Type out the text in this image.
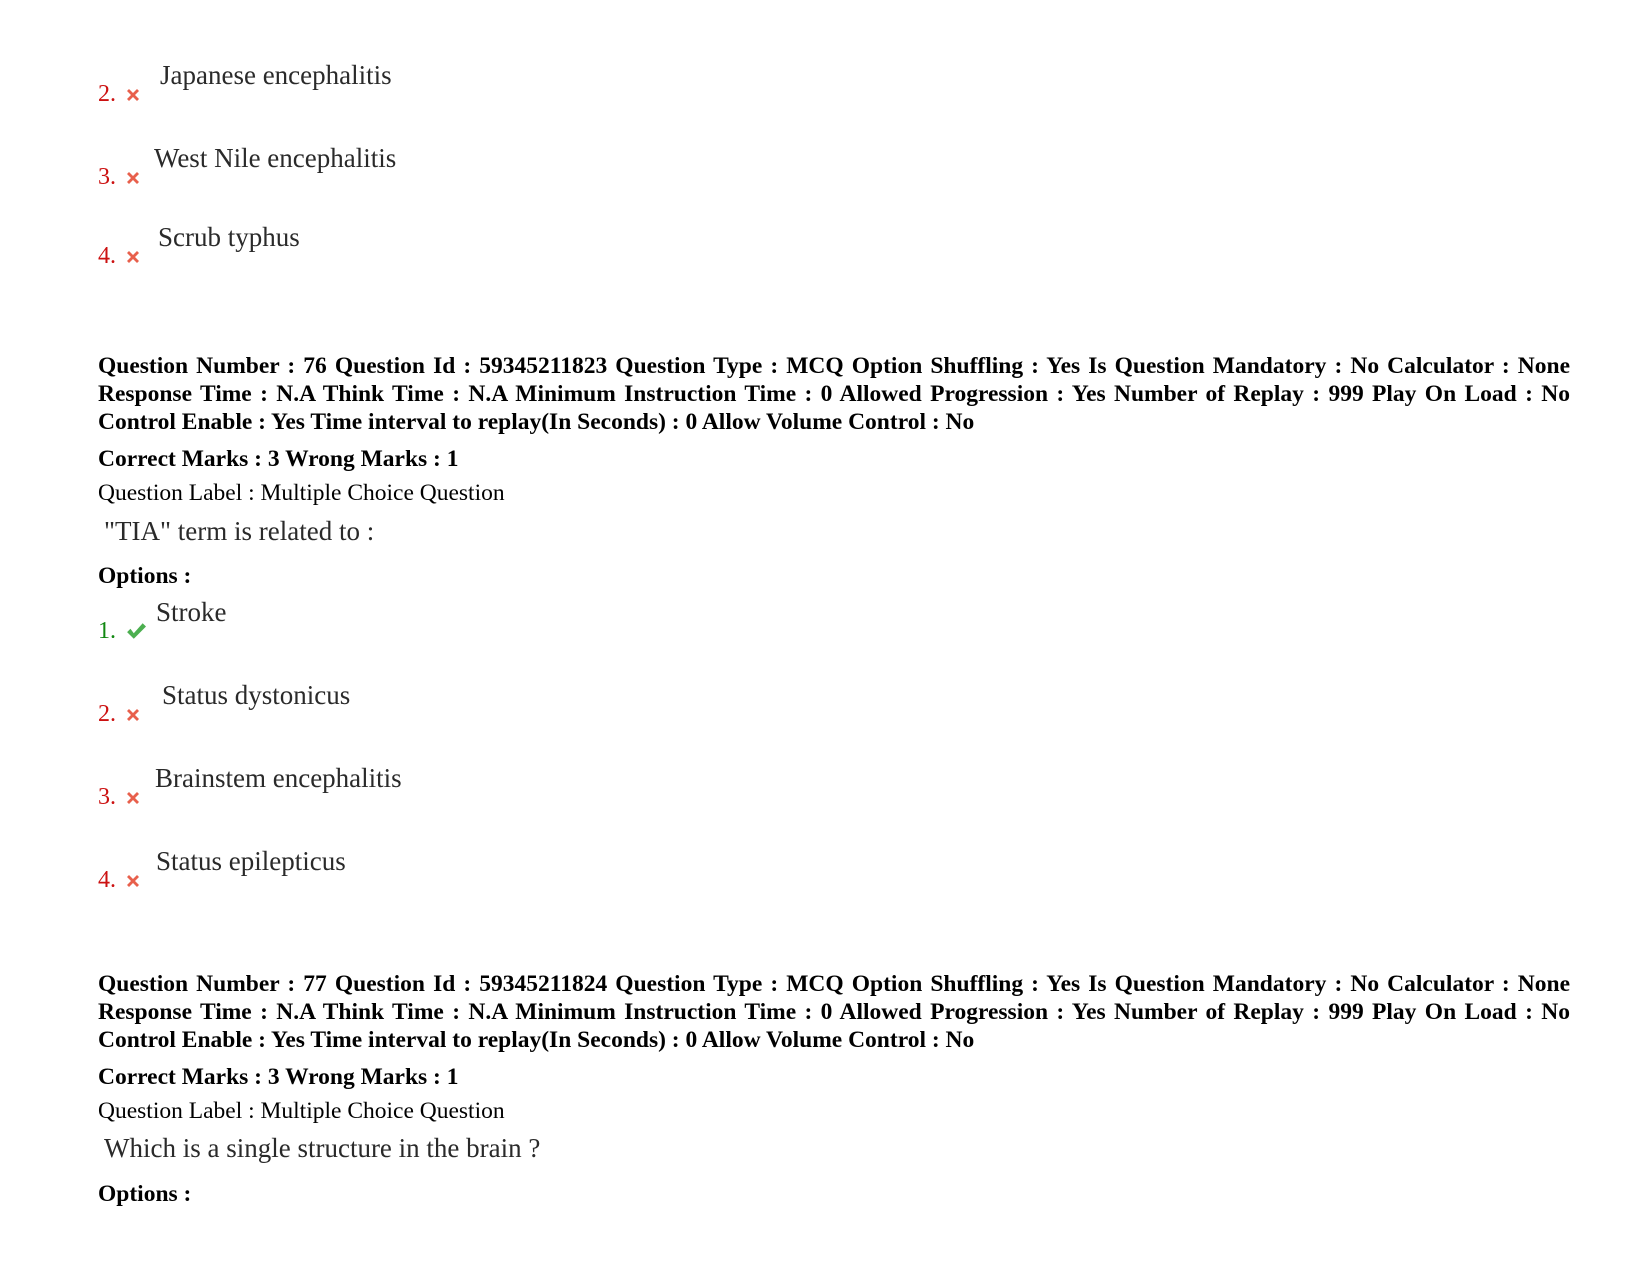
2.
Japanese encephalitis
3.
West Nile encephalitis
4.
Scrub typhus
Question Number : 76 Question Id : 59345211823 Question Type : MCQ Option Shuffling : Yes Is Question Mandatory : No Calculator : None Response Time : N.A Think Time : N.A Minimum Instruction Time : 0 Allowed Progression : Yes Number of Replay : 999 Play On Load : No Control Enable : Yes Time interval to replay(In Seconds) : 0 Allow Volume Control : No
Correct Marks : 3 Wrong Marks : 1
Question Label : Multiple Choice Question
"TIA" term is related to :
Options :
1.
Stroke
2.
Status dystonicus
3.
Brainstem encephalitis
4.
Status epilepticus
Question Number : 77 Question Id : 59345211824 Question Type : MCQ Option Shuffling : Yes Is Question Mandatory : No Calculator : None Response Time : N.A Think Time : N.A Minimum Instruction Time : 0 Allowed Progression : Yes Number of Replay : 999 Play On Load : No Control Enable : Yes Time interval to replay(In Seconds) : 0 Allow Volume Control : No
Correct Marks : 3 Wrong Marks : 1
Question Label : Multiple Choice Question
Which is a single structure in the brain ?
Options :
